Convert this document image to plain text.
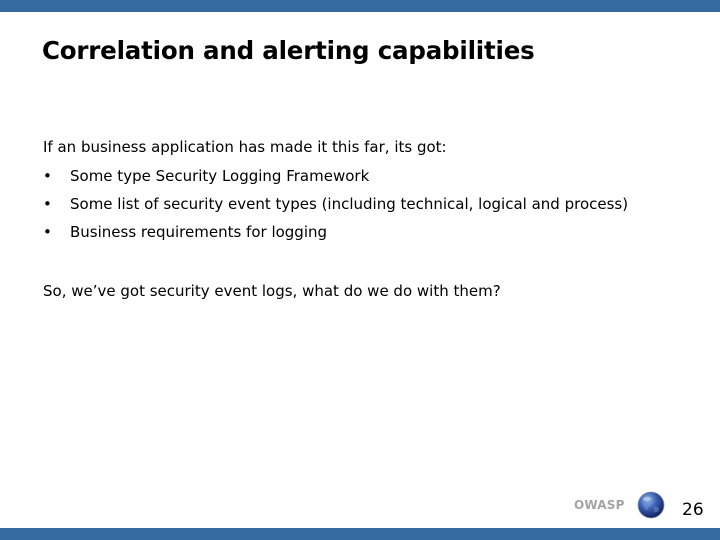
Correlation and alerting capabilities

If an business application has made it this far, its got:

• Some type Security Logging Framework
• Some list of security event types (including technical, logical and process)
• Business requirements for logging

So, we’ve got security event logs, what do we do with them?

OWASP	26
